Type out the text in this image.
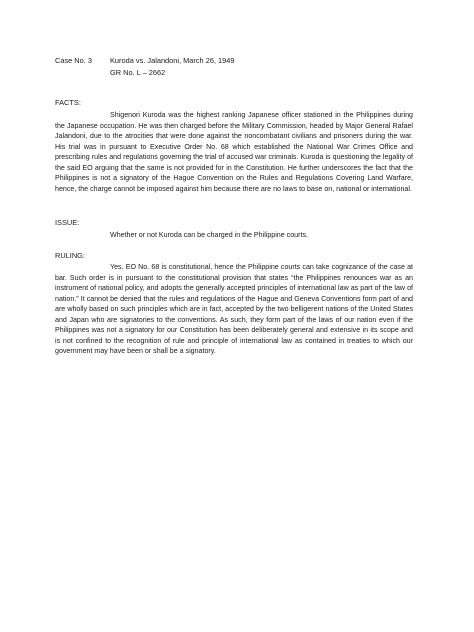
Case No. 3 Kuroda vs. Jalandoni, March 26, 1949
GR No. L – 2662
FACTS:

Shigenori Kuroda was the highest ranking Japanese officer stationed in the Philippines during the Japanese occupation. He was then charged before the Military Commission, headed by Major General Rafael Jalandoni, due to the atrocities that were done against the noncombatant civilians and prisoners during the war. His trial was in pursuant to Executive Order No. 68 which established the National War Crimes Office and prescribing rules and regulations governing the trial of accused war criminals. Kuroda is questioning the legality of the said EO arguing that the same is not provided for in the Constitution. He further underscores the fact that the Philippines is not a signatory of the Hague Convention on the Rules and Regulations Covering Land Warfare, hence, the charge cannot be imposed against him because there are no laws to base on, national or international.

ISSUE:
Whether or not Kuroda can be charged in the Philippine courts.
RULING:

Yes. EO No. 68 is constitutional, hence the Philippine courts can take cognizance of the case at bar. Such order is in pursuant to the constitutional provision that states “the Philippines renounces war as an instrument of national policy, and adopts the generally accepted principles of international law as part of the law of nation.” It cannot be denied that the rules and regulations of the Hague and Geneva Conventions form part of and are wholly based on such principles which are in fact, accepted by the two belligerent nations of the United States and Japan who are signatories to the conventions. As such, they form part of the laws of our nation even if the Philippines was not a signatory for our Constitution has been deliberately general and extensive in its scope and is not confined to the recognition of rule and principle of international law as contained in treaties to which our government may have been or shall be a signatory.
